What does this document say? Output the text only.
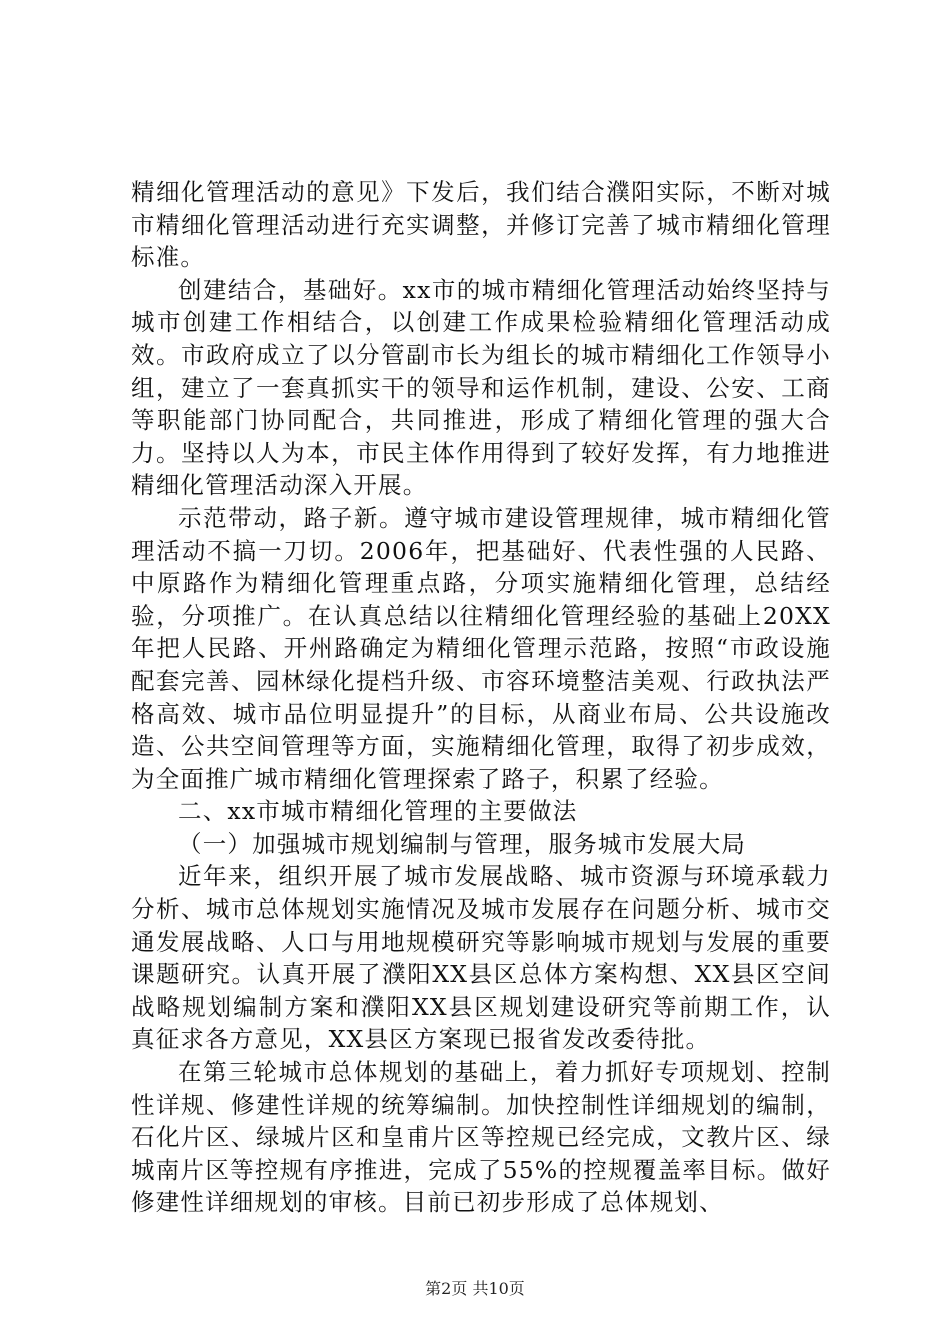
精细化管理活动的意见》下发后，我们结合濮阳实际，不断对城市精细化管理活动进行充实调整，并修订完善了城市精细化管理标准。

创建结合，基础好。xx市的城市精细化管理活动始终坚持与城市创建工作相结合，以创建工作成果检验精细化管理活动成效。市政府成立了以分管副市长为组长的城市精细化工作领导小组，建立了一套真抓实干的领导和运作机制，建设、公安、工商等职能部门协同配合，共同推进，形成了精细化管理的强大合力。坚持以人为本，市民主体作用得到了较好发挥，有力地推进精细化管理活动深入开展。

示范带动，路子新。遵守城市建设管理规律，城市精细化管理活动不搞一刀切。2006年，把基础好、代表性强的人民路、中原路作为精细化管理重点路，分项实施精细化管理，总结经验，分项推广。在认真总结以往精细化管理经验的基础上20XX年把人民路、开州路确定为精细化管理示范路，按照“市政设施配套完善、园林绿化提档升级、市容环境整洁美观、行政执法严格高效、城市品位明显提升”的目标，从商业布局、公共设施改造、公共空间管理等方面，实施精细化管理，取得了初步成效，为全面推广城市精细化管理探索了路子，积累了经验。

二、xx市城市精细化管理的主要做法

（一）加强城市规划编制与管理，服务城市发展大局

近年来，组织开展了城市发展战略、城市资源与环境承载力分析、城市总体规划实施情况及城市发展存在问题分析、城市交通发展战略、人口与用地规模研究等影响城市规划与发展的重要课题研究。认真开展了濮阳XX县区总体方案构想、XX县区空间战略规划编制方案和濮阳XX县区规划建设研究等前期工作，认真征求各方意见，XX县区方案现已报省发改委待批。

在第三轮城市总体规划的基础上，着力抓好专项规划、控制性详规、修建性详规的统筹编制。加快控制性详细规划的编制，石化片区、绿城片区和皇甫片区等控规已经完成，文教片区、绿城南片区等控规有序推进，完成了55%的控规覆盖率目标。做好修建性详细规划的审核。目前已初步形成了总体规划、

第2页 共10页
